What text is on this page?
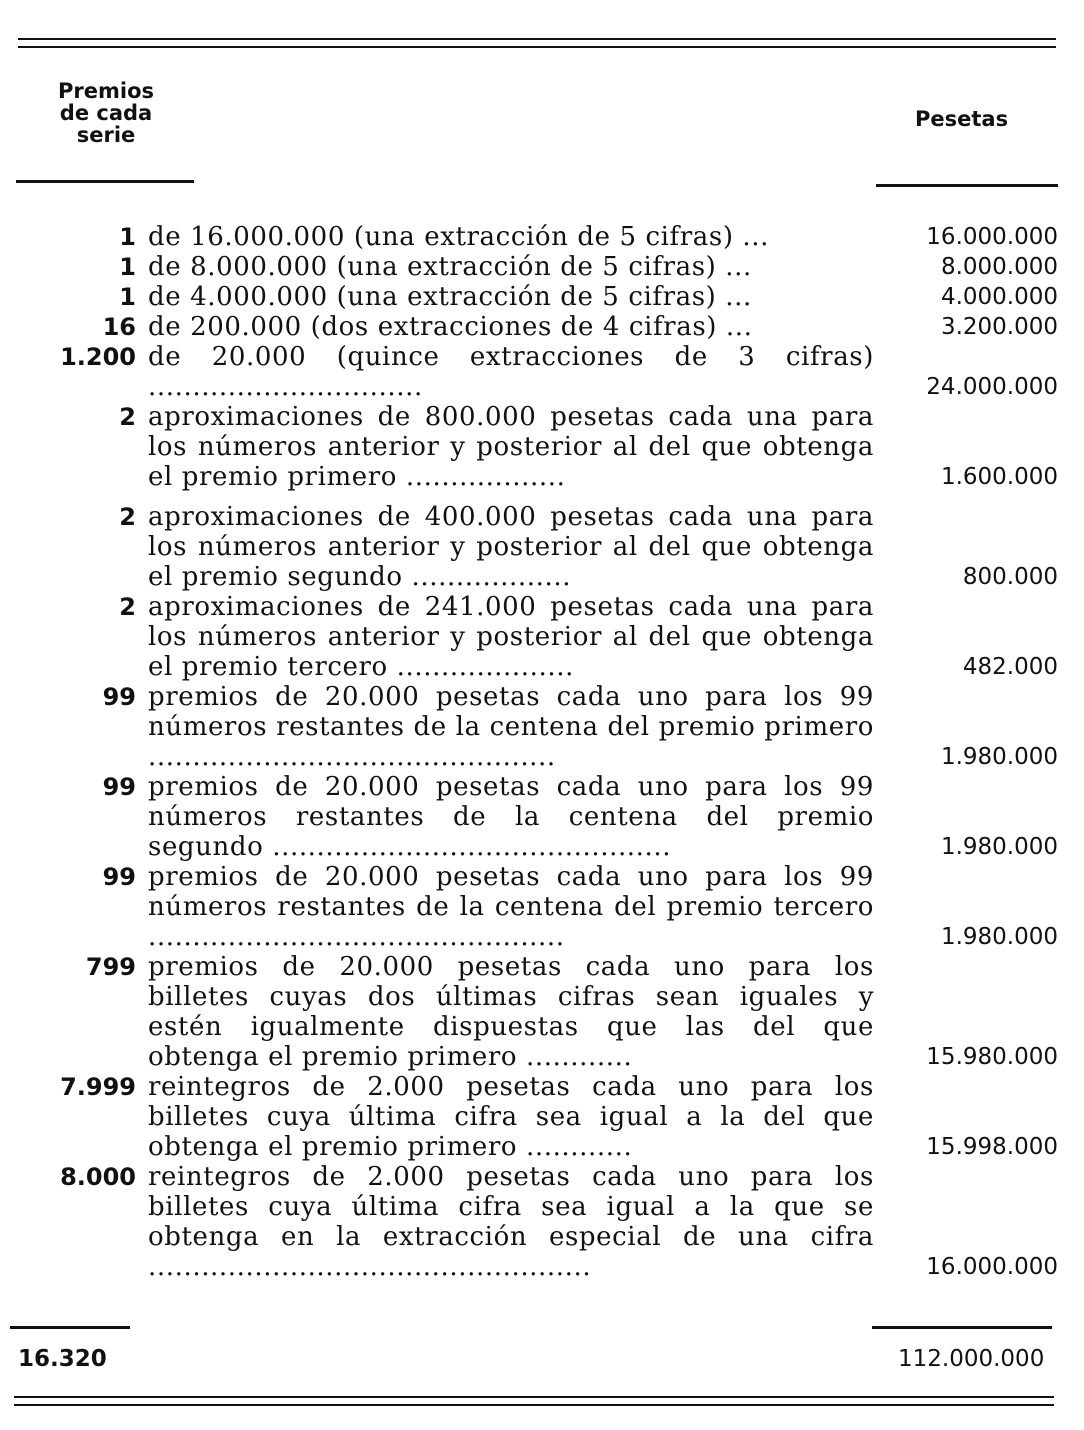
Premios
de cada
serie
Pesetas
1 de 16.000.000 (una extracción de 5 cifras) ...	16.000.000
1 de 8.000.000 (una extracción de 5 cifras) ...	8.000.000
1 de 4.000.000 (una extracción de 5 cifras) ...	4.000.000
16 de 200.000 (dos extracciones de 4 cifras) ...	3.200.000
1.200 de 20.000 (quince extracciones de 3 cifras) ...............................	24.000.000
2 aproximaciones de 800.000 pesetas cada una para los números anterior y posterior al del que obtenga el premio primero ..................	1.600.000
2 aproximaciones de 400.000 pesetas cada una para los números anterior y posterior al del que obtenga el premio segundo ..................	800.000
2 aproximaciones de 241.000 pesetas cada una para los números anterior y posterior al del que obtenga el premio tercero ....................	482.000
99 premios de 20.000 pesetas cada uno para los 99 números restantes de la centena del premio primero ..............................................	1.980.000
99 premios de 20.000 pesetas cada uno para los 99 números restantes de la centena del premio segundo .............................................	1.980.000
99 premios de 20.000 pesetas cada uno para los 99 números restantes de la centena del premio tercero ...............................................	1.980.000
799 premios de 20.000 pesetas cada uno para los billetes cuyas dos últimas cifras sean iguales y estén igualmente dispuestas que las del que obtenga el premio primero ............	15.980.000
7.999 reintegros de 2.000 pesetas cada uno para los billetes cuya última cifra sea igual a la del que obtenga el premio primero ............	15.998.000
8.000 reintegros de 2.000 pesetas cada uno para los billetes cuya última cifra sea igual a la que se obtenga en la extracción especial de una cifra ..................................................	16.000.000
16.320	112.000.000
